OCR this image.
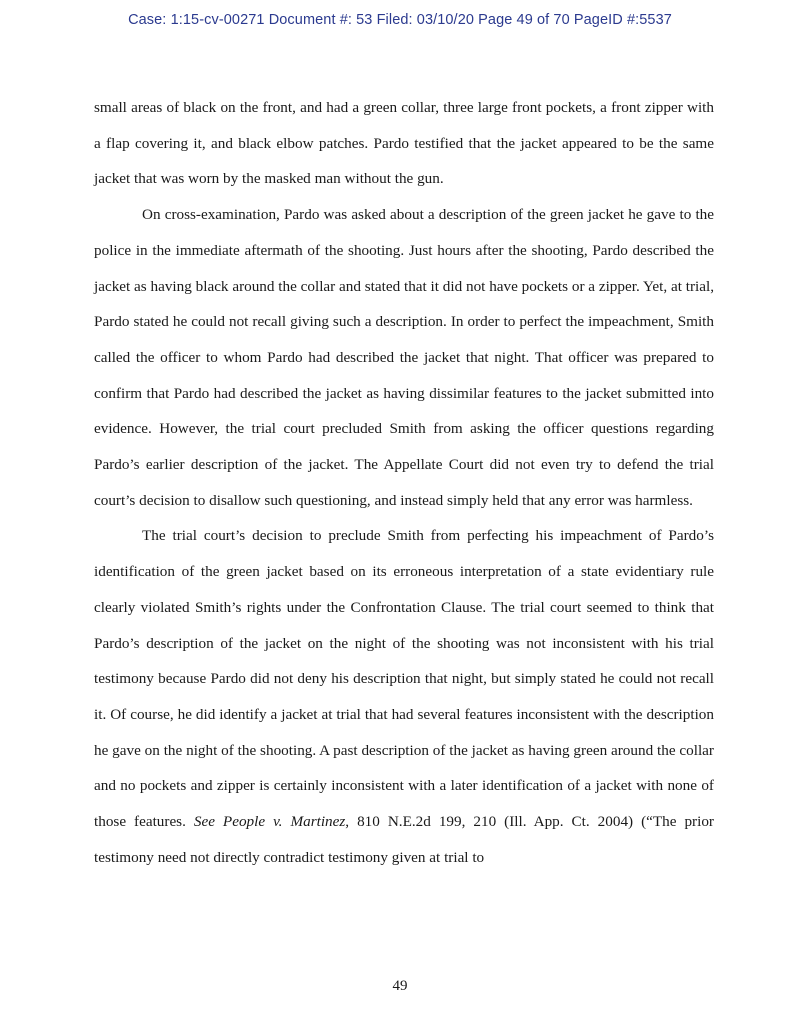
Case: 1:15-cv-00271 Document #: 53 Filed: 03/10/20 Page 49 of 70 PageID #:5537

small areas of black on the front, and had a green collar, three large front pockets, a front zipper with a flap covering it, and black elbow patches. Pardo testified that the jacket appeared to be the same jacket that was worn by the masked man without the gun.

On cross-examination, Pardo was asked about a description of the green jacket he gave to the police in the immediate aftermath of the shooting. Just hours after the shooting, Pardo described the jacket as having black around the collar and stated that it did not have pockets or a zipper. Yet, at trial, Pardo stated he could not recall giving such a description. In order to perfect the impeachment, Smith called the officer to whom Pardo had described the jacket that night. That officer was prepared to confirm that Pardo had described the jacket as having dissimilar features to the jacket submitted into evidence. However, the trial court precluded Smith from asking the officer questions regarding Pardo’s earlier description of the jacket. The Appellate Court did not even try to defend the trial court’s decision to disallow such questioning, and instead simply held that any error was harmless.

The trial court’s decision to preclude Smith from perfecting his impeachment of Pardo’s identification of the green jacket based on its erroneous interpretation of a state evidentiary rule clearly violated Smith’s rights under the Confrontation Clause. The trial court seemed to think that Pardo’s description of the jacket on the night of the shooting was not inconsistent with his trial testimony because Pardo did not deny his description that night, but simply stated he could not recall it. Of course, he did identify a jacket at trial that had several features inconsistent with the description he gave on the night of the shooting. A past description of the jacket as having green around the collar and no pockets and zipper is certainly inconsistent with a later identification of a jacket with none of those features. See People v. Martinez, 810 N.E.2d 199, 210 (Ill. App. Ct. 2004) (“The prior testimony need not directly contradict testimony given at trial to

49
